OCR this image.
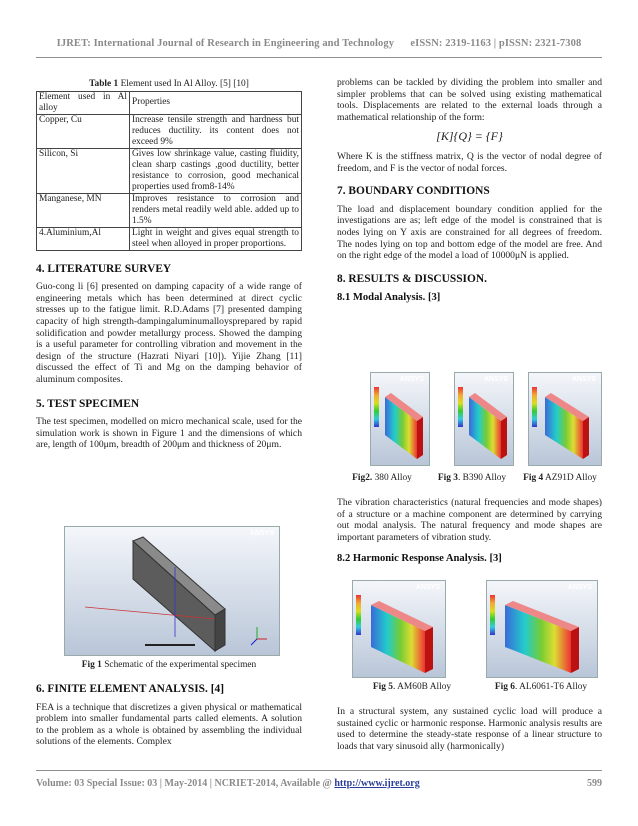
IJRET: International Journal of Research in Engineering and Technology      eISSN: 2319-1163 | pISSN: 2321-7308
Table 1 Element used In Al Alloy. [5] [10]
Element used in Al alloy	Properties
Copper, Cu	Increase tensile strength and hardness but reduces ductility. its content does not exceed 9%
Silicon, Si	Gives low shrinkage value, casting fluidity, clean sharp castings ,good ductility, better resistance to corrosion, good mechanical properties used from8-14%
Manganese, MN	Improves resistance to corrosion and renders metal readily weld able. added up to 1.5%
4.Aluminium,Al	Light in weight and gives equal strength to steel when alloyed in proper proportions.
4. LITERATURE SURVEY

Guo-cong li [6] presented on damping capacity of a wide range of engineering metals which has been determined at direct cyclic stresses up to the fatigue limit. R.D.Adams [7] presented damping capacity of high strength-dampingaluminumalloysprepared by rapid solidification and powder metallurgy process. Showed the damping is a useful parameter for controlling vibration and movement in the design of the structure (Hazrati Niyari [10]). Yijie Zhang [11] discussed the effect of Ti and Mg on the damping behavior of aluminum composites.

5. TEST SPECIMEN

The test specimen, modelled on micro mechanical scale, used for the simulation work is shown in Figure 1 and the dimensions of which are, length of 100μm, breadth of 200μm and thickness of 20μm.

ANSYS
Fig 1 Schematic of the experimental specimen
6. FINITE ELEMENT ANALYSIS. [4]

FEA is a technique that discretizes a given physical or mathematical problem into smaller fundamental parts called elements. A solution to the problem as a whole is obtained by assembling the individual solutions of the elements. Complex

problems can be tackled by dividing the problem into smaller and simpler problems that can be solved using existing mathematical tools. Displacements are related to the external loads through a mathematical relationship of the form:

[K]{Q} = {F}

Where K is the stiffness matrix, Q is the vector of nodal degree of freedom, and F is the vector of nodal forces.

7. BOUNDARY CONDITIONS

The load and displacement boundary condition applied for the investigations are as; left edge of the model is constrained that is nodes lying on Y axis are constrained for all degrees of freedom. The nodes lying on top and bottom edge of the model are free. And on the right edge of the model a load of 10000μN is applied.

8. RESULTS & DISCUSSION.
8.1 Modal Analysis. [3]
ANSYS	ANSYS	ANSYS
Fig2. 380 Alloy	Fig 3. B390 Alloy	Fig 4 AZ91D Alloy

The vibration characteristics (natural frequencies and mode shapes) of a structure or a machine component are determined by carrying out modal analysis. The natural frequency and mode shapes are important parameters of vibration study.

8.2 Harmonic Response Analysis. [3]
ANSYS	ANSYS
Fig 5. AM60B Alloy	Fig 6. AL6061-T6 Alloy

In a structural system, any sustained cyclic load will produce a sustained cyclic or harmonic response. Harmonic analysis results are used to determine the steady-state response of a linear structure to loads that vary sinusoid ally (harmonically)

Volume: 03 Special Issue: 03 | May-2014 | NCRIET-2014, Available @ http://www.ijret.org	599
